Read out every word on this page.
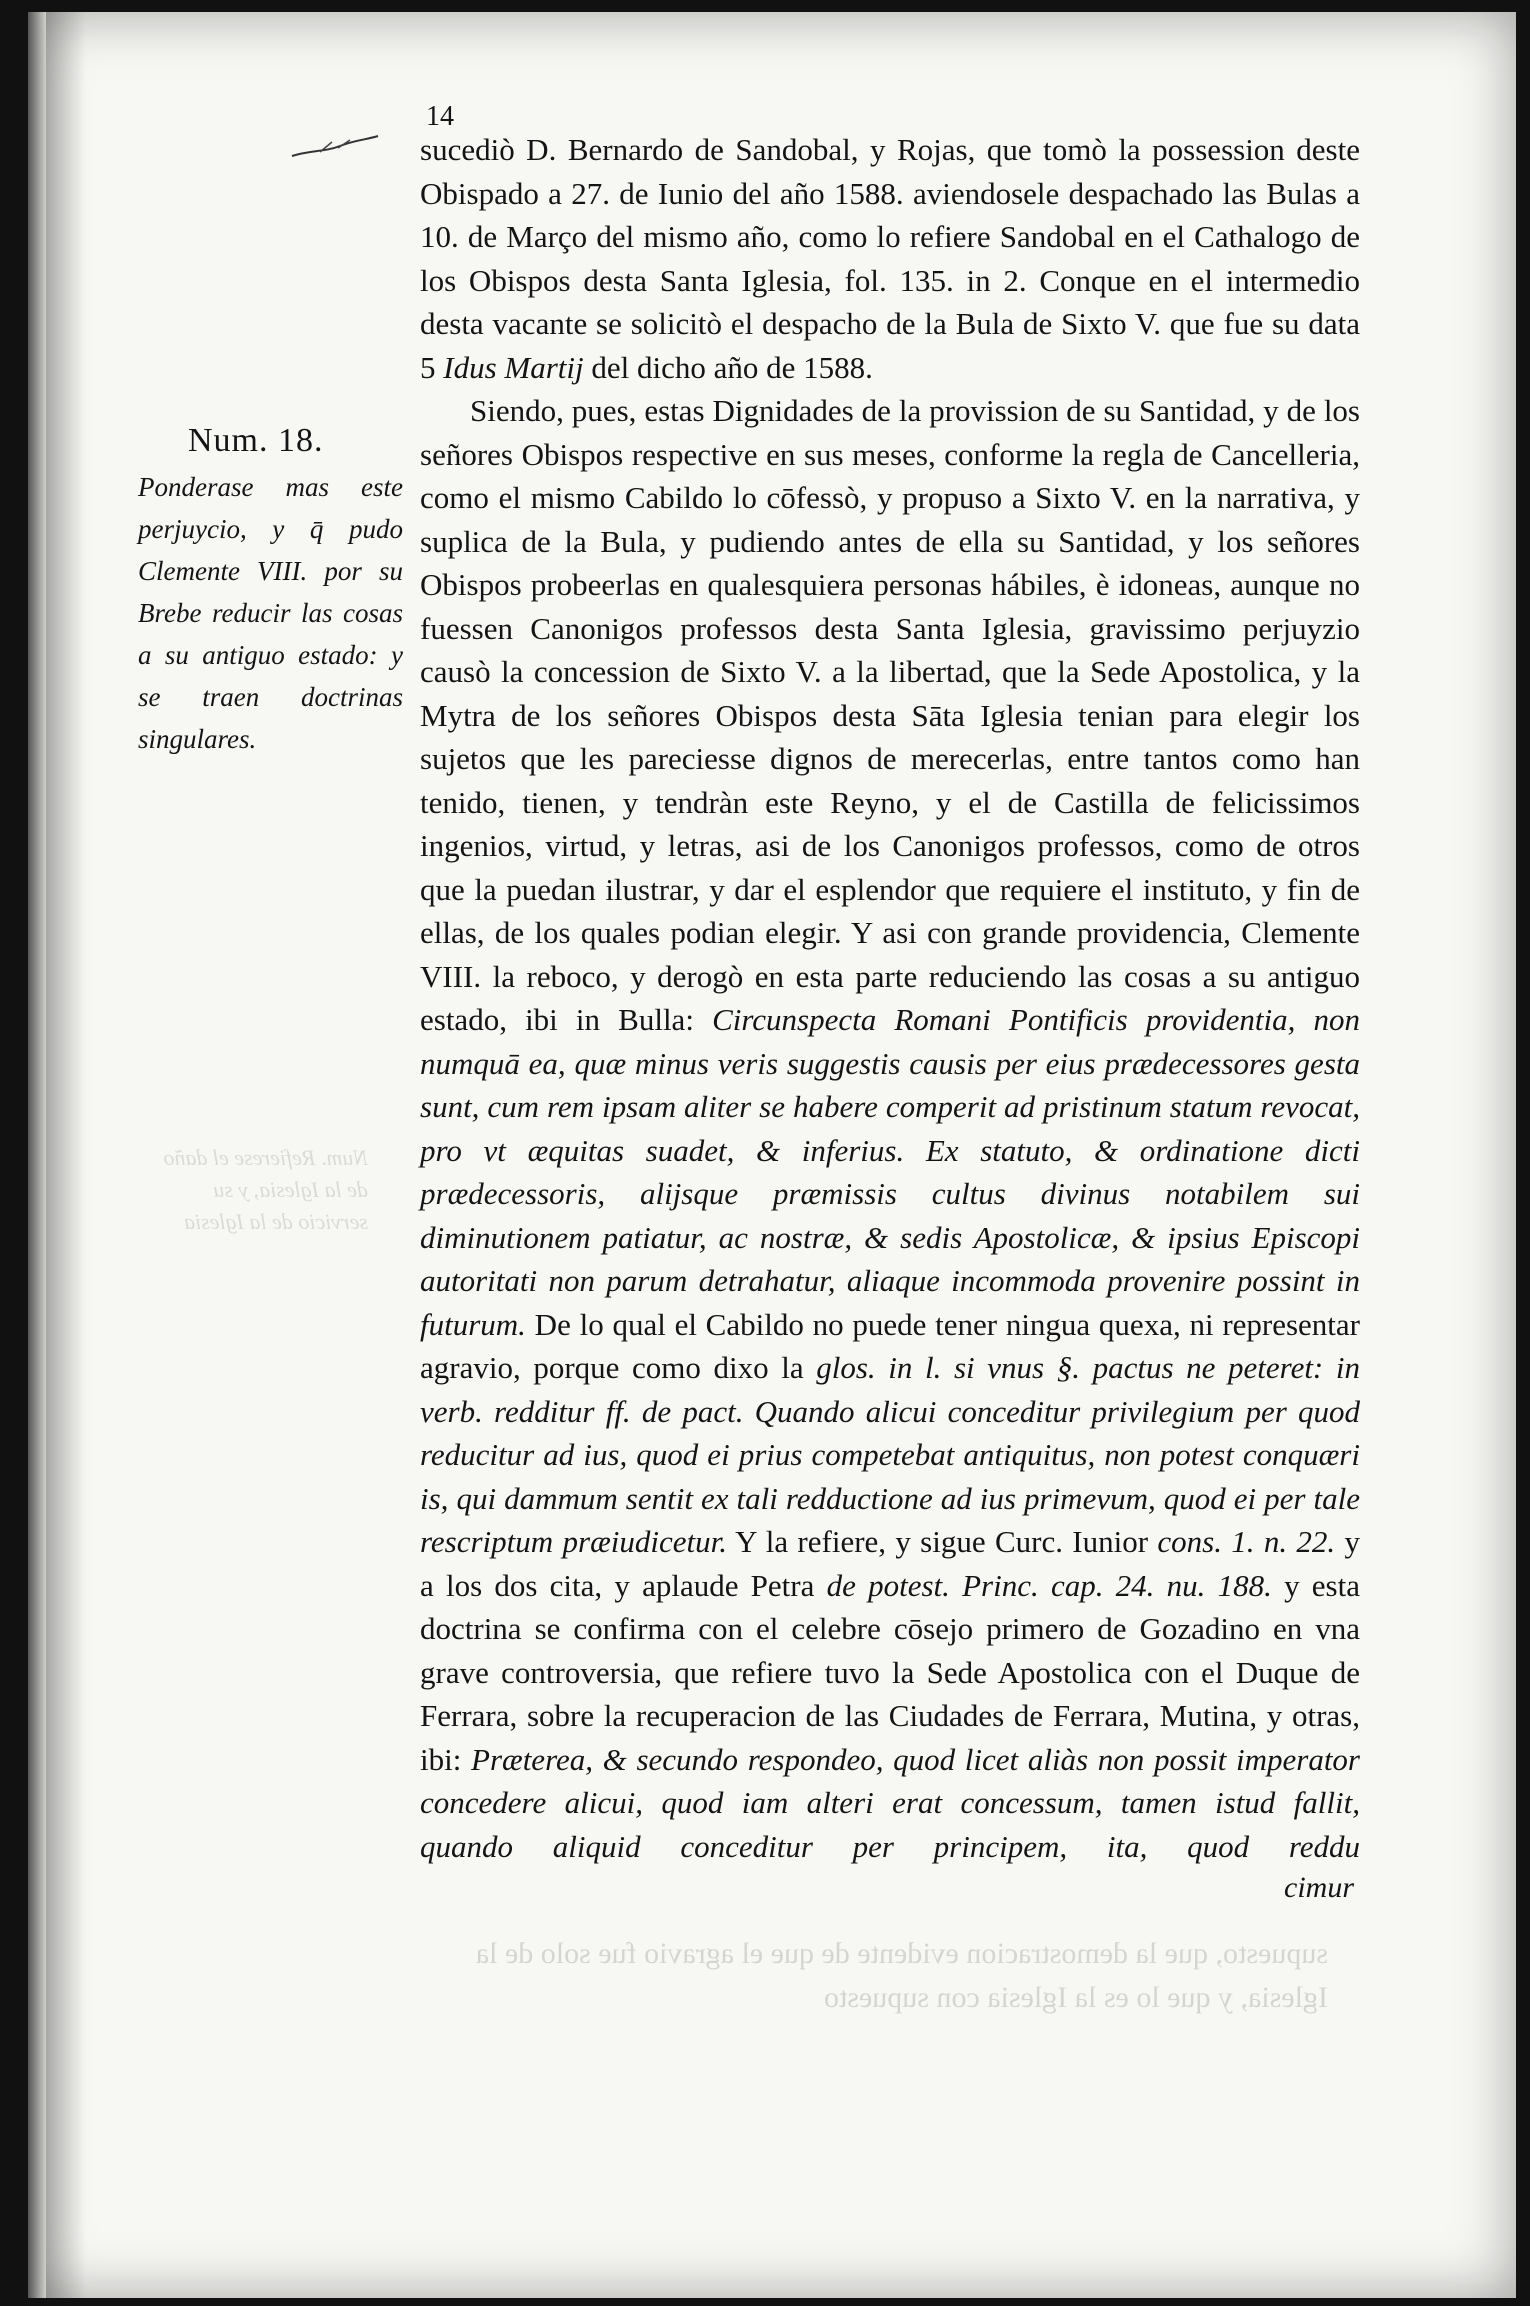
supuesto, que la demostracion evidente de que el agravio fue solo de la Iglesia, y que lo es la Iglesia con supuesto
Num. Refierese el daño de la Iglesia, y su servicio de la Iglesia
Num. 18.
Ponderase mas este perjuycio, y q̄ pudo Clemente VIII. por su Brebe reducir las cosas a su antiguo estado: y se traen doctrinas singulares.
14

sucediò D. Bernardo de Sandobal, y Rojas, que tomò la possession deste Obispado a 27. de Iunio del año 1588. aviendosele despachado las Bulas a 10. de Março del mismo año, como lo refiere Sandobal en el Cathalogo de los Obispos desta Santa Iglesia, fol. 135. in 2. Conque en el intermedio desta vacante se solicitò el despacho de la Bula de Sixto V. que fue su data 5 Idus Martij del dicho año de 1588.

Siendo, pues, estas Dignidades de la provission de su Santidad, y de los señores Obispos respective en sus meses, conforme la regla de Cancelleria, como el mismo Cabildo lo cōfessò, y propuso a Sixto V. en la narrativa, y suplica de la Bula, y pudiendo antes de ella su Santidad, y los señores Obispos probeerlas en qualesquiera personas hábiles, è idoneas, aunque no fuessen Canonigos professos desta Santa Iglesia, gravissimo perjuyzio causò la concession de Sixto V. a la libertad, que la Sede Apostolica, y la Mytra de los señores Obispos desta Sāta Iglesia tenian para elegir los sujetos que les pareciesse dignos de merecerlas, entre tantos como han tenido, tienen, y tendràn este Reyno, y el de Castilla de felicissimos ingenios, virtud, y letras, asi de los Canonigos professos, como de otros que la puedan ilustrar, y dar el esplendor que requiere el instituto, y fin de ellas, de los quales podian elegir. Y asi con grande providencia, Clemente VIII. la reboco, y derogò en esta parte reduciendo las cosas a su antiguo estado, ibi in Bulla: Circunspecta Romani Pontificis providentia, non numquā ea, quæ minus veris suggestis causis per eius prædecessores gesta sunt, cum rem ipsam aliter se habere comperit ad pristinum statum revocat, pro vt æquitas suadet, & inferius. Ex statuto, & ordinatione dicti prædecessoris, alijsque præmissis cultus divinus notabilem sui diminutionem patiatur, ac nostræ, & sedis Apostolicæ, & ipsius Episcopi autoritati non parum detrahatur, aliaque incommoda provenire possint in futurum. De lo qual el Cabildo no puede tener ningua quexa, ni representar agravio, porque como dixo la glos. in l. si vnus §. pactus ne peteret: in verb. redditur ff. de pact. Quando alicui conceditur privilegium per quod reducitur ad ius, quod ei prius competebat antiquitus, non potest conquæri is, qui dammum sentit ex tali redductione ad ius primevum, quod ei per tale rescriptum præiudicetur. Y la refiere, y sigue Curc. Iunior cons. 1. n. 22. y a los dos cita, y aplaude Petra de potest. Princ. cap. 24. nu. 188. y esta doctrina se confirma con el celebre cōsejo primero de Gozadino en vna grave controversia, que refiere tuvo la Sede Apostolica con el Duque de Ferrara, sobre la recuperacion de las Ciudades de Ferrara, Mutina, y otras, ibi: Præterea, & secundo respondeo, quod licet aliàs non possit imperator concedere alicui, quod iam alteri erat concessum, tamen istud fallit, quando aliquid conceditur per principem, ita, quod reddu

cimur
